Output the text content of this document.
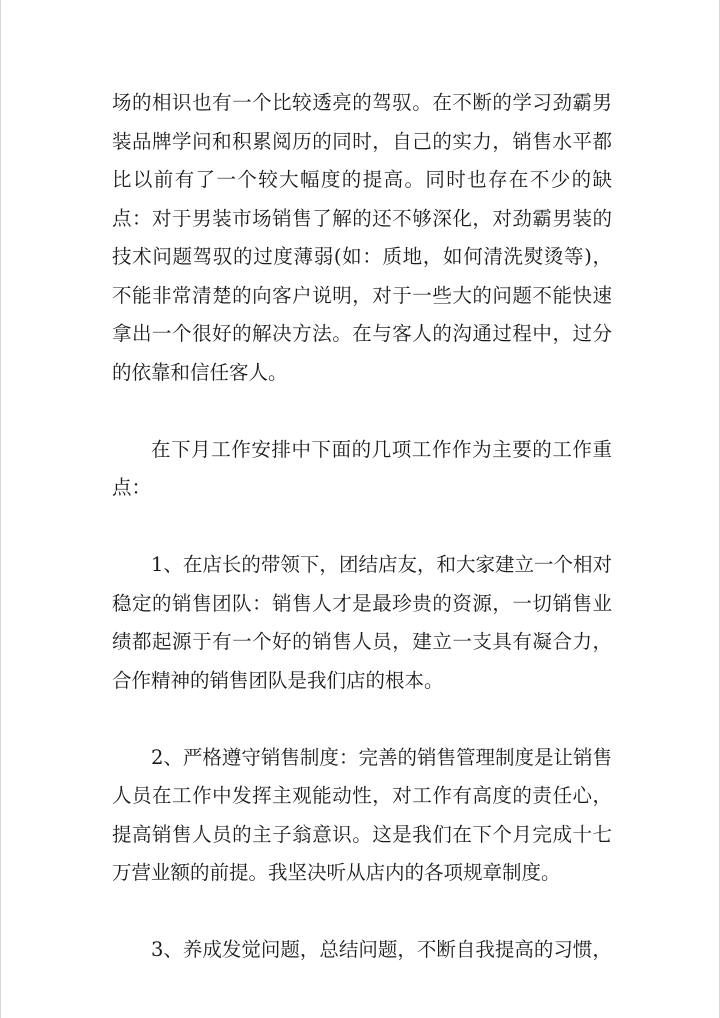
场的相识也有一个比较透亮的驾驭。在不断的学习劲霸男装品牌学问和积累阅历的同时，自己的实力，销售水平都比以前有了一个较大幅度的提高。同时也存在不少的缺点：对于男装市场销售了解的还不够深化，对劲霸男装的技术问题驾驭的过度薄弱(如：质地，如何清洗熨烫等)，不能非常清楚的向客户说明，对于一些大的问题不能快速拿出一个很好的解决方法。在与客人的沟通过程中，过分的依靠和信任客人。

在下月工作安排中下面的几项工作作为主要的工作重点：

1、在店长的带领下，团结店友，和大家建立一个相对稳定的销售团队：销售人才是最珍贵的资源，一切销售业绩都起源于有一个好的销售人员，建立一支具有凝合力，合作精神的销售团队是我们店的根本。

2、严格遵守销售制度：完善的销售管理制度是让销售人员在工作中发挥主观能动性，对工作有高度的责任心，提高销售人员的主子翁意识。这是我们在下个月完成十七万营业额的前提。我坚决听从店内的各项规章制度。

3、养成发觉问题，总结问题，不断自我提高的习惯，
